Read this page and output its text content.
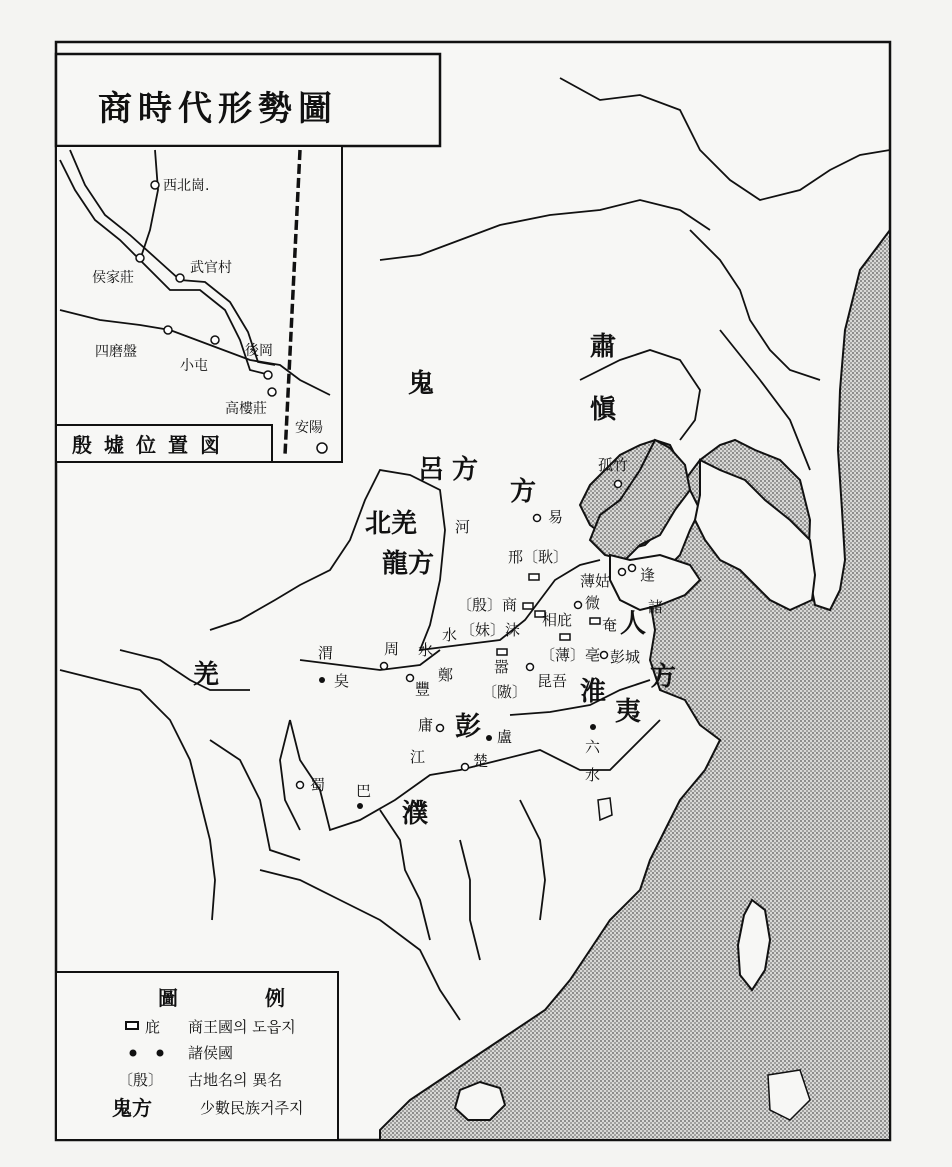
商時代形勢圖
西北崗.
武官村
侯家莊
四磨盤
小屯
後岡
高樓莊
安陽
殷墟位置図
肅
愼
鬼
呂方
方
北羌
龍方
羌
人
方
淮
夷
彭
濮
河
水
水
渭
江
六
水
孤竹
易
邢〔耿〕
薄姑 逢
諸
〔殷〕商
〔妹〕沫
微
奄
相庇
〔薄〕亳 彭城
嚣
〔隞〕
昆吾
周
㚖	豐
鄭
庸
盧
楚
蜀 巴
圖 例
庇 商王國의 도읍지
諸侯國
〔殷〕 古地名의 異名
鬼方	少數民族거주지
